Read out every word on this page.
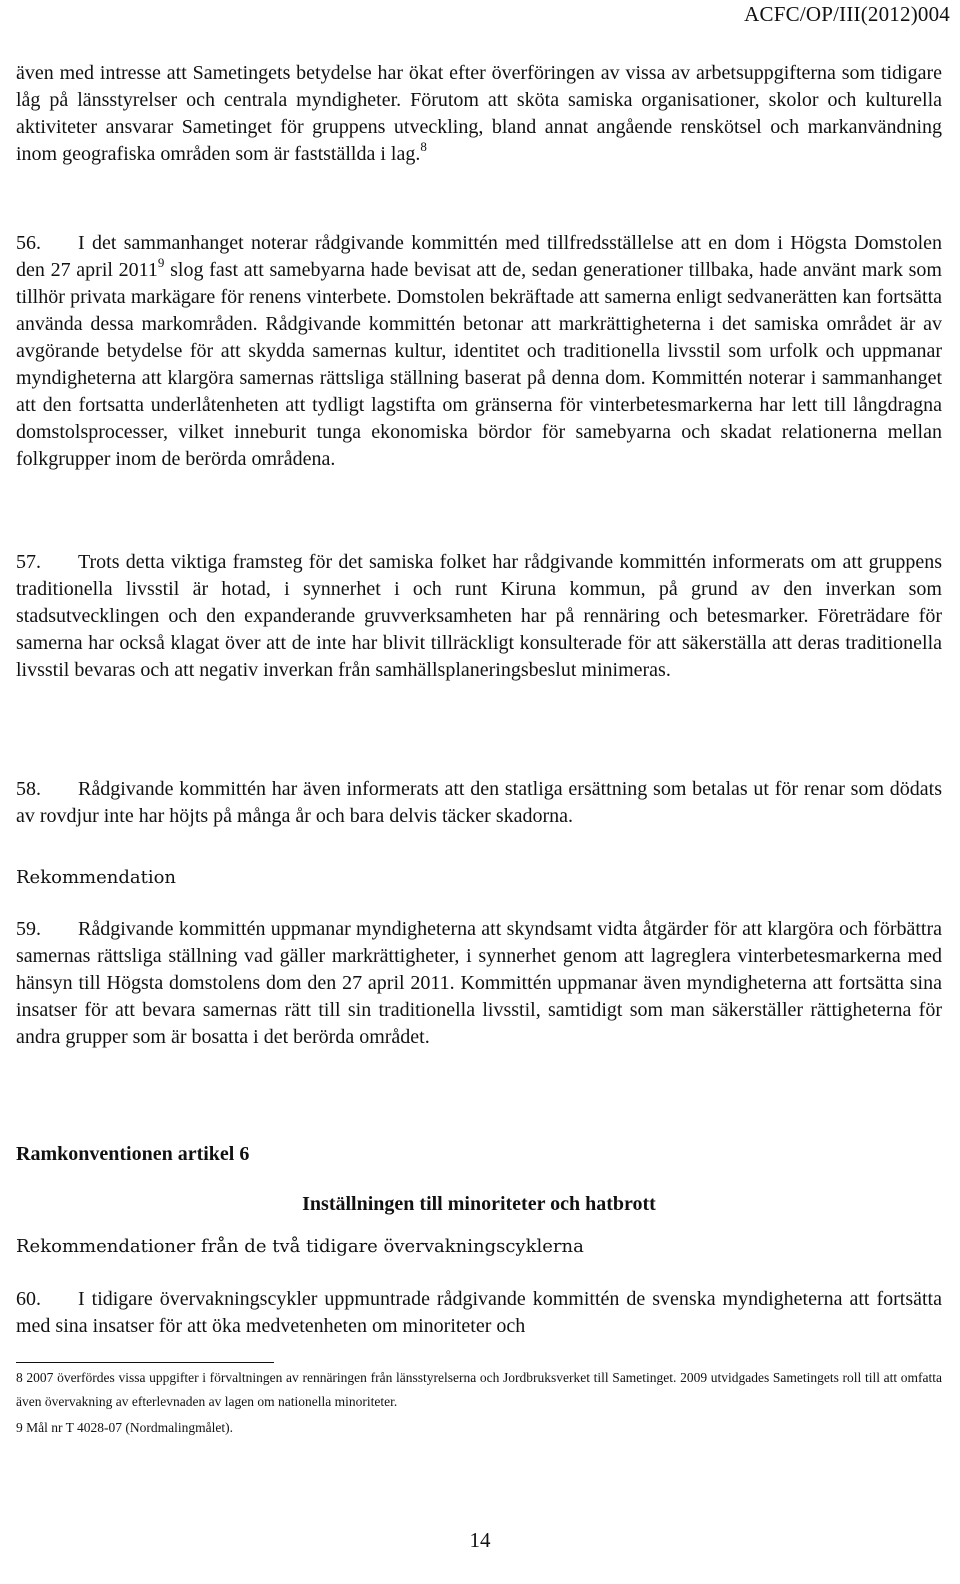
ACFC/OP/III(2012)004

även med intresse att Sametingets betydelse har ökat efter överföringen av vissa av arbetsuppgifterna som tidigare låg på länsstyrelser och centrala myndigheter. Förutom att sköta samiska organisationer, skolor och kulturella aktiviteter ansvarar Sametinget för gruppens utveckling, bland annat angående renskötsel och markanvändning inom geografiska områden som är fastställda i lag.$^8$

56. I det sammanhanget noterar rådgivande kommittén med tillfredsställelse att en dom i Högsta Domstolen den 27 april 2011$^9$ slog fast att samebyarna hade bevisat att de, sedan generationer tillbaka, hade använt mark som tillhör privata markägare för renens vinterbete. Domstolen bekräftade att samerna enligt sedvanerätten kan fortsätta använda dessa markområden. Rådgivande kommittén betonar att markrättigheterna i det samiska området är av avgörande betydelse för att skydda samernas kultur, identitet och traditionella livsstil som urfolk och uppmanar myndigheterna att klargöra samernas rättsliga ställning baserat på denna dom. Kommittén noterar i sammanhanget att den fortsatta underlåtenheten att tydligt lagstifta om gränserna för vinterbetesmarkerna har lett till långdragna domstolsprocesser, vilket inneburit tunga ekonomiska bördor för samebyarna och skadat relationerna mellan folkgrupper inom de berörda områdena.

57. Trots detta viktiga framsteg för det samiska folket har rådgivande kommittén informerats om att gruppens traditionella livsstil är hotad, i synnerhet i och runt Kiruna kommun, på grund av den inverkan som stadsutvecklingen och den expanderande gruvverksamheten har på rennäring och betesmarker. Företrädare för samerna har också klagat över att de inte har blivit tillräckligt konsulterade för att säkerställa att deras traditionella livsstil bevaras och att negativ inverkan från samhällsplaneringsbeslut minimeras.

58. Rådgivande kommittén har även informerats att den statliga ersättning som betalas ut för renar som dödats av rovdjur inte har höjts på många år och bara delvis täcker skadorna.

Rekommendation

59. Rådgivande kommittén uppmanar myndigheterna att skyndsamt vidta åtgärder för att klargöra och förbättra samernas rättsliga ställning vad gäller markrättigheter, i synnerhet genom att lagreglera vinterbetesmarkerna med hänsyn till Högsta domstolens dom den 27 april 2011. Kommittén uppmanar även myndigheterna att fortsätta sina insatser för att bevara samernas rätt till sin traditionella livsstil, samtidigt som man säkerställer rättigheterna för andra grupper som är bosatta i det berörda området.

Ramkonventionen artikel 6
Inställningen till minoriteter och hatbrott
Rekommendationer från de två tidigare övervakningscyklerna

60. I tidigare övervakningscykler uppmuntrade rådgivande kommittén de svenska myndigheterna att fortsätta med sina insatser för att öka medvetenheten om minoriteter och

8 2007 överfördes vissa uppgifter i förvaltningen av rennäringen från länsstyrelserna och Jordbruksverket till Sametinget. 2009 utvidgades Sametingets roll till att omfatta även övervakning av efterlevnaden av lagen om nationella minoriteter.

9 Mål nr T 4028-07 (Nordmalingmålet).

14
